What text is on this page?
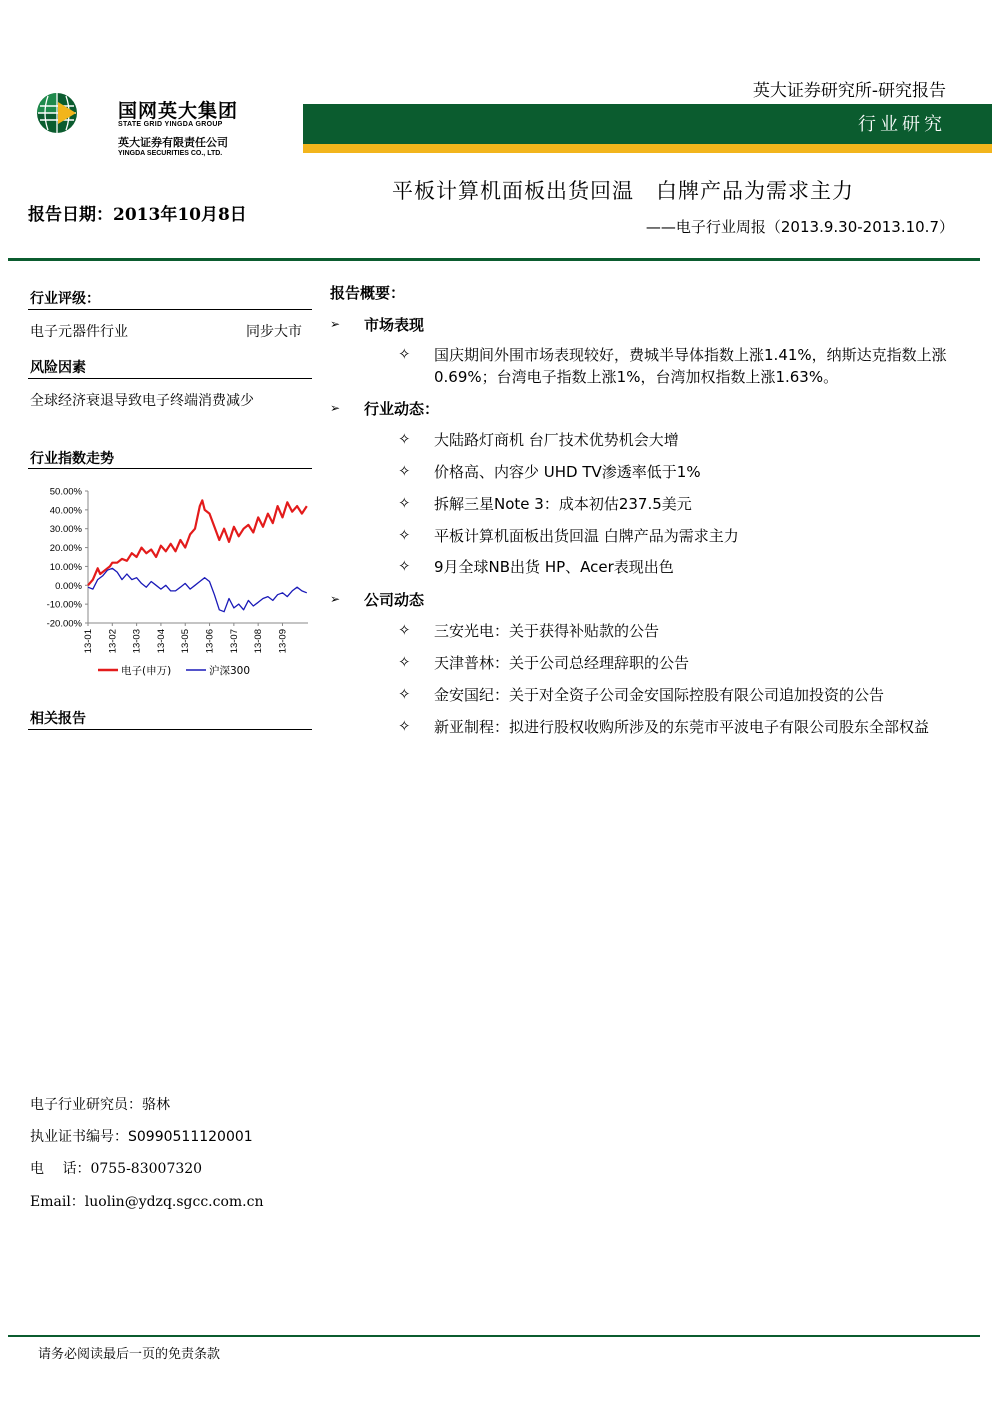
国网英大集团
STATE GRID YINGDA GROUP
英大证券有限责任公司
YINGDA SECURITIES CO., LTD.
英大证券研究所-研究报告
行业研究
平板计算机面板出货回温　白牌产品为需求主力
——电子行业周报（2013.9.30-2013.10.7）
报告日期：2013年10月8日
行业评级：
电子元器件行业	同步大市
风险因素
全球经济衰退导致电子终端消费减少
行业指数走势
50.00%
40.00%
30.00%
20.00%
10.00%
0.00%
-10.00%
-20.00%
13-01 13-02 13-03 13-04 13-05 13-06 13-07 13-08 13-09
电子(申万)	沪深300
相关报告
报告概要：
➢ 市场表现
✧ 国庆期间外围市场表现较好，费城半导体指数上涨1.41%，纳斯达克指数上涨0.69%；台湾电子指数上涨1%，台湾加权指数上涨1.63%。
➢ 行业动态：
✧ 大陆路灯商机 台厂技术优势机会大增
✧ 价格高、内容少 UHD TV渗透率低于1%
✧ 拆解三星Note 3：成本初估237.5美元
✧ 平板计算机面板出货回温 白牌产品为需求主力
✧ 9月全球NB出货 HP、Acer表现出色
➢ 公司动态
✧ 三安光电：关于获得补贴款的公告
✧ 天津普林：关于公司总经理辞职的公告
✧ 金安国纪：关于对全资子公司金安国际控股有限公司追加投资的公告
✧ 新亚制程：拟进行股权收购所涉及的东莞市平波电子有限公司股东全部权益
电子行业研究员：骆林
执业证书编号：S0990511120001
电　 话：0755-83007320
Email：luolin@ydzq.sgcc.com.cn
请务必阅读最后一页的免责条款
